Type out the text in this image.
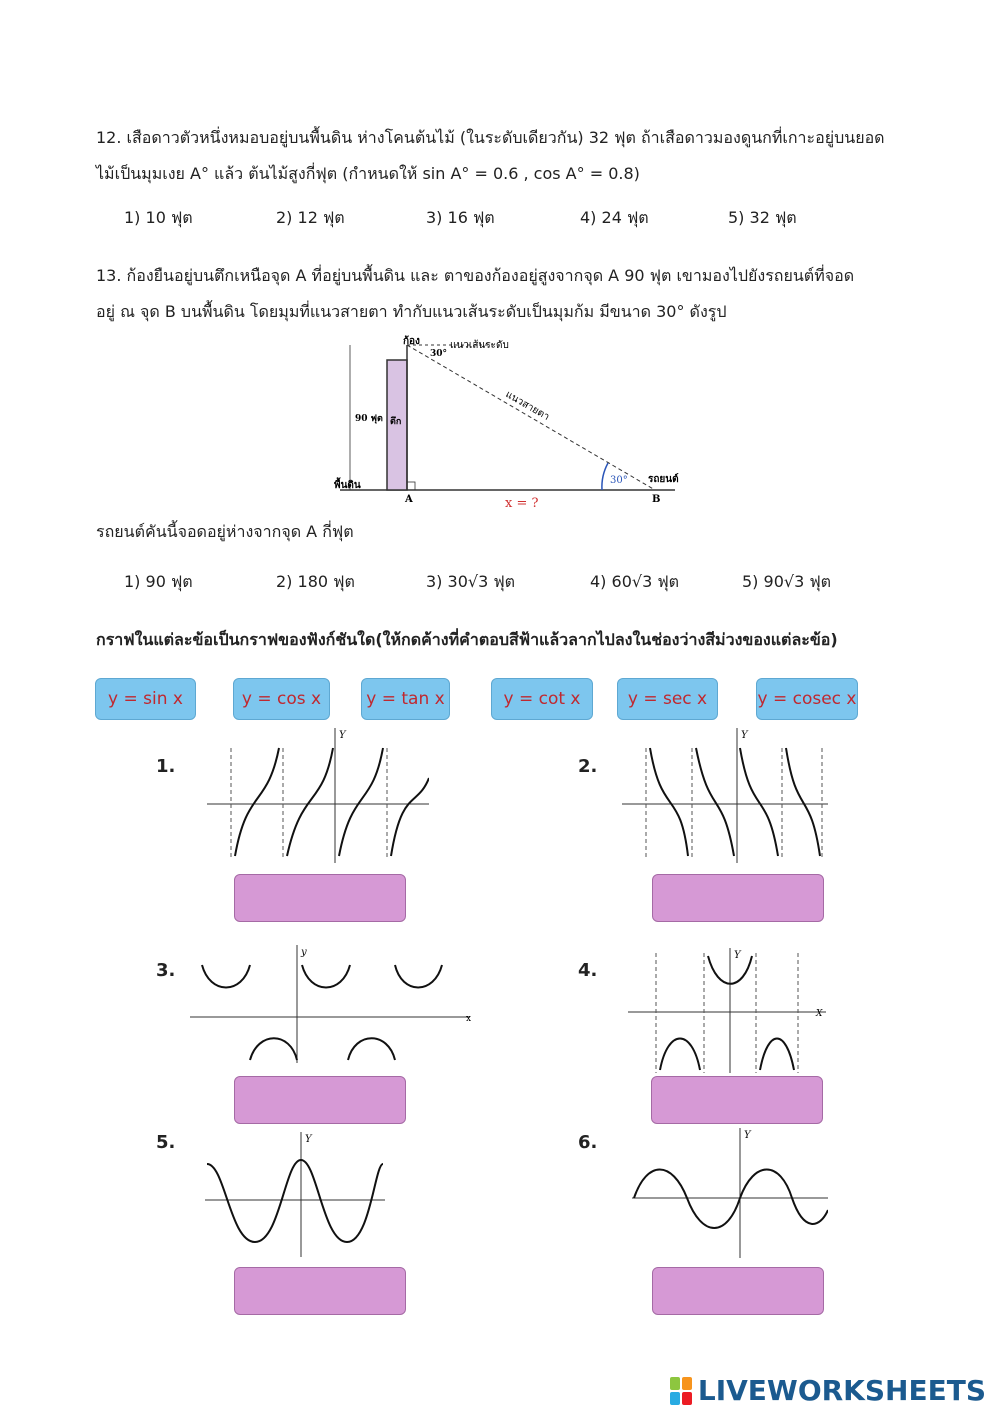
12. เสือดาวตัวหนึ่งหมอบอยู่บนพื้นดิน ห่างโคนต้นไม้ (ในระดับเดียวกัน) 32 ฟุต ถ้าเสือดาวมองดูนกที่เกาะอยู่บนยอด
ไม้เป็นมุมเงย A° แล้ว ต้นไม้สูงกี่ฟุต (กำหนดให้ sin A° = 0.6 , cos A° = 0.8)
1) 10 ฟุต	2) 12 ฟุต	3) 16 ฟุต	4) 24 ฟุต	5) 32 ฟุต
13. ก้องยืนอยู่บนตึกเหนือจุด A ที่อยู่บนพื้นดิน และ ตาของก้องอยู่สูงจากจุด A 90 ฟุต เขามองไปยังรถยนต์ที่จอด
อยู่ ณ จุด B บนพื้นดิน โดยมุมที่แนวสายตา ทำกับแนวเส้นระดับเป็นมุมก้ม มีขนาด 30° ดังรูป
ก้อง	แนวเส้นระดับ
30°
แนวสายตา
90 ฟุต ตึก
พื้นดิน
A	B
รถยนต์
30°
x = ?
รถยนต์คันนี้จอดอยู่ห่างจากจุด A กี่ฟุต
1) 90 ฟุต	2) 180 ฟุต	3) 30√3 ฟุต	4) 60√3 ฟุต	5) 90√3 ฟุต
กราฟในแต่ละข้อเป็นกราฟของฟังก์ชันใด(ให้กดค้างที่คำตอบสีฟ้าแล้วลากไปลงในช่องว่างสีม่วงของแต่ละข้อ)
y = sin x	y = cos x	y = tan x	y = cot x	y = sec x	y = cosec x
1.	2.
3.	4.
5.	6.
Y	Y
y
x
Y
X
Y	Y
LIVEWORKSHEETS
